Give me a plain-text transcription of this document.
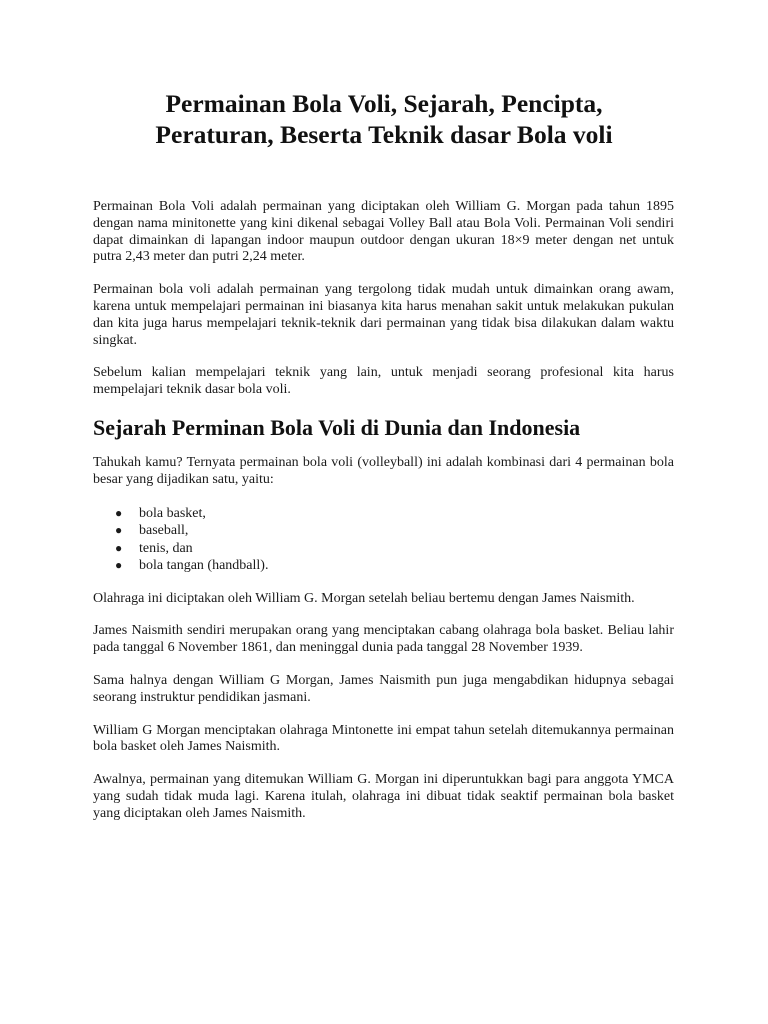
Permainan Bola Voli, Sejarah, Pencipta,
Peraturan, Beserta Teknik dasar Bola voli

Permainan Bola Voli adalah permainan yang diciptakan oleh William G. Morgan pada tahun 1895 dengan nama minitonette yang kini dikenal sebagai Volley Ball atau Bola Voli. Permainan Voli sendiri dapat dimainkan di lapangan indoor maupun outdoor dengan ukuran 18×9 meter dengan net untuk putra 2,43 meter dan putri 2,24 meter.

Permainan bola voli adalah permainan yang tergolong tidak mudah untuk dimainkan orang awam, karena untuk mempelajari permainan ini biasanya kita harus menahan sakit untuk melakukan pukulan dan kita juga harus mempelajari teknik-teknik dari permainan yang tidak bisa dilakukan dalam waktu singkat.

Sebelum kalian mempelajari teknik yang lain, untuk menjadi seorang profesional kita harus mempelajari teknik dasar bola voli.

Sejarah Perminan Bola Voli di Dunia dan Indonesia

Tahukah kamu? Ternyata permainan bola voli (volleyball) ini adalah kombinasi dari 4 permainan bola besar yang dijadikan satu, yaitu:

● bola basket,
● baseball,
● tenis, dan
● bola tangan (handball).

Olahraga ini diciptakan oleh William G. Morgan setelah beliau bertemu dengan James Naismith.

James Naismith sendiri merupakan orang yang menciptakan cabang olahraga bola basket. Beliau lahir pada tanggal 6 November 1861, dan meninggal dunia pada tanggal 28 November 1939.

Sama halnya dengan William G Morgan, James Naismith pun juga mengabdikan hidupnya sebagai seorang instruktur pendidikan jasmani.

William G Morgan menciptakan olahraga Mintonette ini empat tahun setelah ditemukannya permainan bola basket oleh James Naismith.

Awalnya, permainan yang ditemukan William G. Morgan ini diperuntukkan bagi para anggota YMCA yang sudah tidak muda lagi. Karena itulah, olahraga ini dibuat tidak seaktif permainan bola basket yang diciptakan oleh James Naismith.
